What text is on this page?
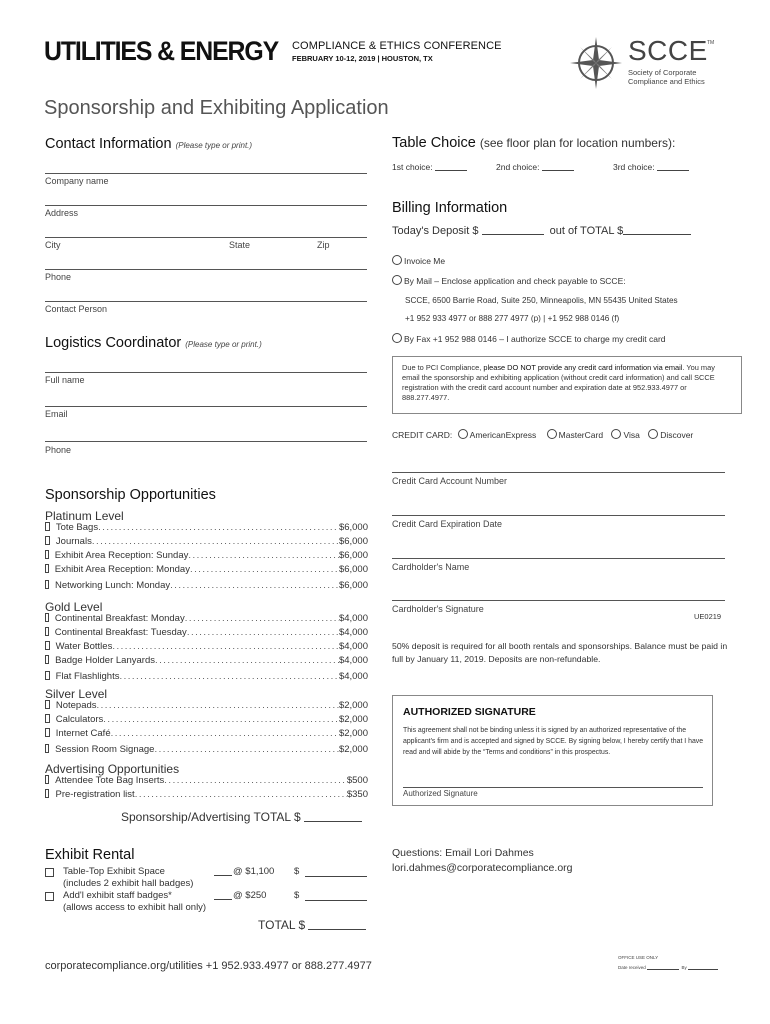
UTILITIES & ENERGY COMPLIANCE & ETHICS CONFERENCE
FEBRUARY 10-12, 2019 | HOUSTON, TX	SCCE TM
Society of Corporate
Compliance and Ethics
Sponsorship and Exhibiting Application
Contact Information (Please type or print.)
Company name
Address
City	State	Zip
Phone
Contact Person
Logistics Coordinator (Please type or print.)
Full name
Email
Phone
Sponsorship Opportunities
Platinum Level
Tote Bags .....	$6,000
Journals .....	$6,000
Exhibit Area Reception: Sunday .....	$6,000
Exhibit Area Reception: Monday .....	$6,000
Networking Lunch: Monday .....	$6,000
Gold Level
Continental Breakfast: Monday .....	$4,000
Continental Breakfast: Tuesday .....	$4,000
Water Bottles .....	$4,000
Badge Holder Lanyards .....	$4,000
Flat Flashlights .....	$4,000
Silver Level
Notepads .....	$2,000
Calculators .....	$2,000
Internet Café .....	$2,000
Session Room Signage .....	$2,000
Advertising Opportunities
Attendee Tote Bag Inserts .....	$500
Pre-registration list .....	$350
Sponsorship/Advertising TOTAL $
Exhibit Rental
Table-Top Exhibit Space
(includes 2 exhibit hall badges)
@ $1,100 $
Add'l exhibit staff badges*
(allows access to exhibit hall only)
@ $250	$
TOTAL $
corporatecompliance.org/utilities +1 952.933.4977 or 888.277.4977
Table Choice (see floor plan for location numbers):
1st choice:	2nd choice:	3rd choice:
Billing Information
Today's Deposit $	out of TOTAL $
Invoice Me
By Mail – Enclose application and check payable to SCCE:
SCCE, 6500 Barrie Road, Suite 250, Minneapolis, MN 55435 United States
+1 952 933 4977 or 888 277 4977 (p) | +1 952 988 0146 (f)
By Fax +1 952 988 0146 – I authorize SCCE to charge my credit card
Due to PCI Compliance, please DO NOT provide any credit card information via email. You may email the sponsorship and exhibiting application (without credit card information) and call SCCE registration with the credit card account number and expiration date at 952.933.4977 or 888.277.4977.
CREDIT CARD: AmericanExpress	MasterCard Visa Discover
Credit Card Account Number
Credit Card Expiration Date
Cardholder's Name
Cardholder's Signature
UE0219
50% deposit is required for all booth rentals and sponsorships. Balance must be paid in full by January 11, 2019. Deposits are non-refundable.
AUTHORIZED SIGNATURE
This agreement shall not be binding unless it is signed by an authorized representative of the applicant's firm and is accepted and signed by SCCE. By signing below, I hereby certify that I have read and will abide by the “Terms and conditions” in this prospectus.
Authorized Signature
Questions: Email Lori Dahmes
lori.dahmes@corporatecompliance.org
OFFICE USE ONLY
Date received	By
